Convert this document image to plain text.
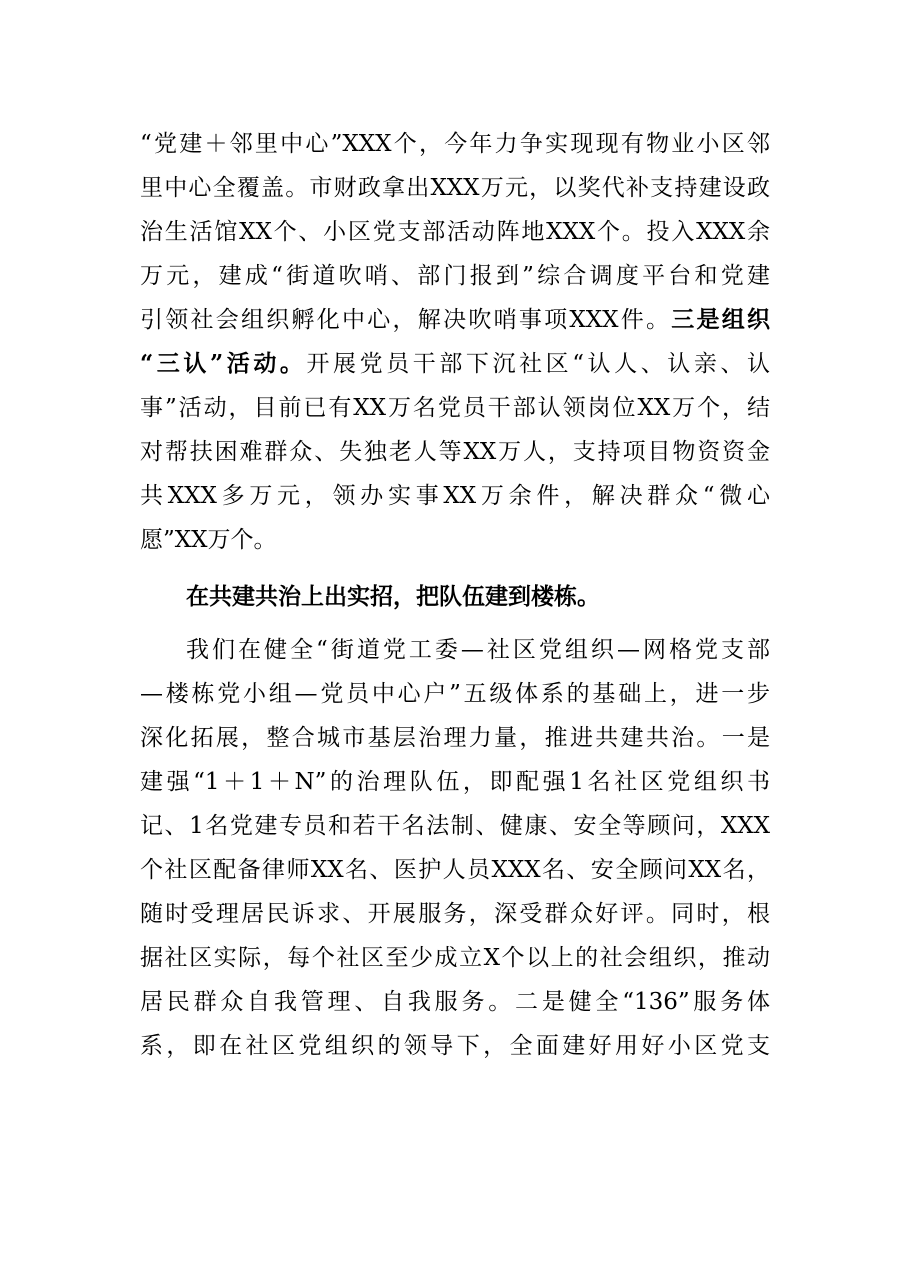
“党建＋邻里中心”XXX个，今年力争实现现有物业小区邻
里中心全覆盖。市财政拿出XXX万元，以奖代补支持建设政
治生活馆XX个、小区党支部活动阵地XXX个。投入XXX余
万元，建成“街道吹哨、部门报到”综合调度平台和党建
引领社会组织孵化中心，解决吹哨事项XXX件。三是组织
“三认”活动。开展党员干部下沉社区“认人、认亲、认
事”活动，目前已有XX万名党员干部认领岗位XX万个，结
对帮扶困难群众、失独老人等XX万人，支持项目物资资金
共XXX多万元，领办实事XX万余件，解决群众“微心
愿”XX万个。
在共建共治上出实招，把队伍建到楼栋。
我们在健全“街道党工委—社区党组织—网格党支部
—楼栋党小组—党员中心户”五级体系的基础上，进一步
深化拓展，整合城市基层治理力量，推进共建共治。一是
建强“1＋1＋N”的治理队伍，即配强1名社区党组织书
记、1名党建专员和若干名法制、健康、安全等顾问，XXX
个社区配备律师XX名、医护人员XXX名、安全顾问XX名，
随时受理居民诉求、开展服务，深受群众好评。同时，根
据社区实际，每个社区至少成立X个以上的社会组织，推动
居民群众自我管理、自我服务。二是健全“136”服务体
系，即在社区党组织的领导下，全面建好用好小区党支
